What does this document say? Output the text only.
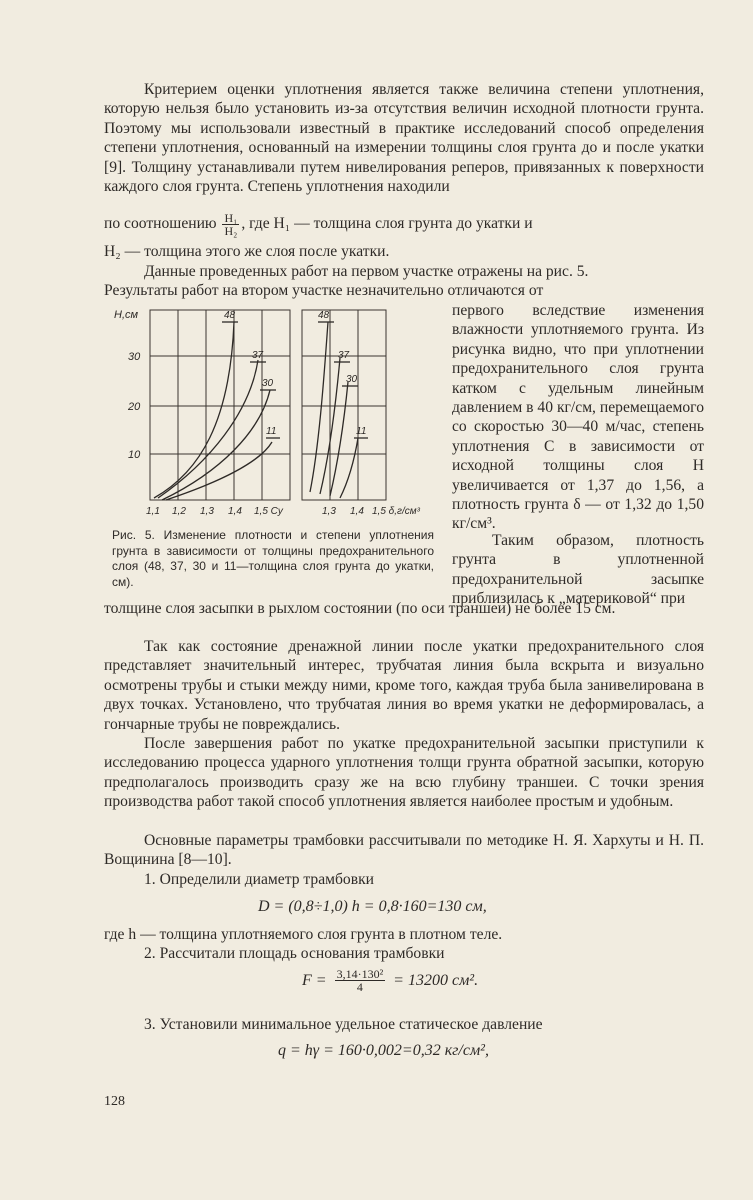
Критерием оценки уплотнения является также величина степени уплотнения, которую нельзя было установить из-за отсутствия величин исходной плотности грунта. Поэтому мы использовали известный в практике исследований способ определения степени уплотнения, основанный на измерении толщины слоя грунта до и после укатки [9]. Толщину устанавливали путем нивелирования реперов, привязанных к поверхности каждого слоя грунта. Степень уплотнения находили

по соотношению $\frac{\text{H₁}}{\text{H₂}}$ , где H₁ — толщина слоя грунта до укатки и

H₂ — толщина этого же слоя после укатки.

Данные проведенных работ на первом участке отражены на рис. 5.

Результаты работ на втором участке незначительно отличаются от

H,см
30
20
10
1,1 1,2 1,3 1,4 1,5 Cy	1,3 1,4 1,5 δ,г/см³
48
37
30
11
48
37
30
11

первого вследствие изменения влажности уплотняемого грунта. Из рисунка видно, что при уплотнении предохранительного слоя грунта катком с удельным линейным давлением в 40 кг/см, перемещаемого со скоростью 30—40 м/час, степень уплотнения C в зависимости от исходной толщины слоя H увеличивается от 1,37 до 1,56, а плотность грунта δ — от 1,32 до 1,50 кг/см³.

Таким образом, плотность грунта в уплотненной предохранительной засыпке приблизилась к „материковой“ при

Рис. 5. Изменение плотности и степени уплотнения грунта в зависимости от толщины предохранительного слоя (48, 37, 30 и 11—толщина слоя грунта до укатки, см).

толщине слоя засыпки в рыхлом состоянии (по оси траншеи) не более 15 см.

Так как состояние дренажной линии после укатки предохранительного слоя представляет значительный интерес, трубчатая линия была вскрыта и визуально осмотрены трубы и стыки между ними, кроме того, каждая труба была занивелирована в двух точках. Установлено, что трубчатая линия во время укатки не деформировалась, а гончарные трубы не повреждались.

После завершения работ по укатке предохранительной засыпки приступили к исследованию процесса ударного уплотнения толщи грунта обратной засыпки, которую предполагалось производить сразу же на всю глубину траншеи. С точки зрения производства работ такой способ уплотнения является наиболее простым и удобным.

Основные параметры трамбовки рассчитывали по методике Н. Я. Хархуты и Н. П. Вощинина [8—10].

1. Определили диаметр трамбовки

D = (0,8÷1,0) h = 0,8·160=130 см,

где h — толщина уплотняемого слоя грунта в плотном теле.

2. Рассчитали площадь основания трамбовки

$F = \frac{\text{3,14·130²}}{4} = 13200$ см².

3. Установили минимальное удельное статическое давление

q = hγ = 160·0,002=0,32 кг/см²,
128
